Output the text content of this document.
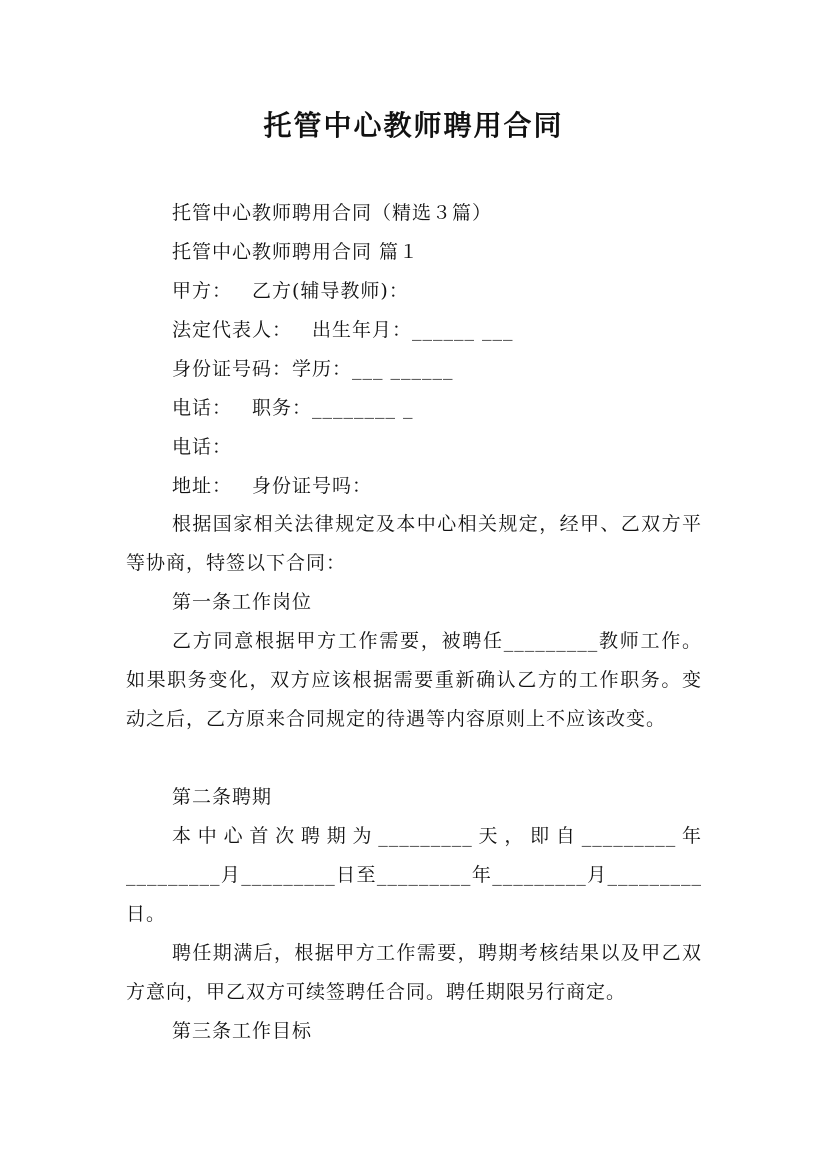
托管中心教师聘用合同
托管中心教师聘用合同（精选３篇）
托管中心教师聘用合同 篇１
甲方： 乙方(辅导教师)：
法定代表人： 出生年月：______ ___
身份证号码：学历：___ ______
电话： 职务：________ _
电话：
地址： 身份证号吗：

根据国家相关法律规定及本中心相关规定，经甲、乙双方平等协商，特签以下合同：

第一条工作岗位

乙方同意根据甲方工作需要，被聘任_________教师工作。如果职务变化，双方应该根据需要重新确认乙方的工作职务。变动之后，乙方原来合同规定的待遇等内容原则上不应该改变。

第二条聘期

本中心首次聘期为_________天，即自_________年_________月_________日至_________年_________月_________日。

聘任期满后，根据甲方工作需要，聘期考核结果以及甲乙双方意向，甲乙双方可续签聘任合同。聘任期限另行商定。

第三条工作目标
